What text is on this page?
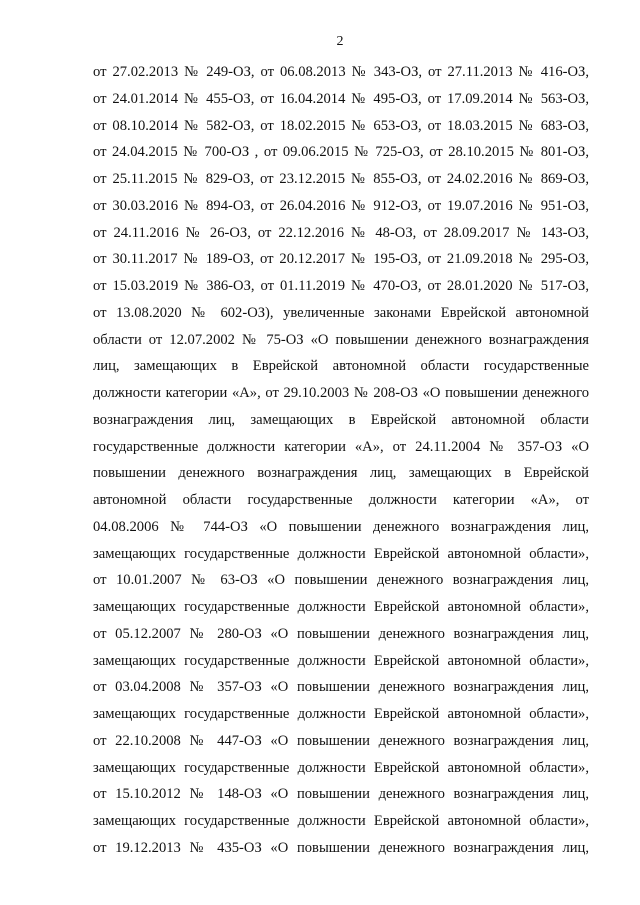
2
от 27.02.2013 № 249-ОЗ, от 06.08.2013 № 343-ОЗ, от 27.11.2013 № 416-ОЗ,
от 24.01.2014 № 455-ОЗ, от 16.04.2014 № 495-ОЗ, от 17.09.2014 № 563-ОЗ,
от 08.10.2014 № 582-ОЗ, от 18.02.2015 № 653-ОЗ, от 18.03.2015 № 683-ОЗ,
от 24.04.2015 № 700-ОЗ , от 09.06.2015 № 725-ОЗ, от 28.10.2015 № 801-ОЗ,
от 25.11.2015 № 829-ОЗ, от 23.12.2015 № 855-ОЗ, от 24.02.2016 № 869-ОЗ,
от 30.03.2016 № 894-ОЗ, от 26.04.2016 № 912-ОЗ, от 19.07.2016 № 951-ОЗ,
от 24.11.2016 № 26-ОЗ, от 22.12.2016 № 48-ОЗ, от 28.09.2017 № 143-ОЗ,
от 30.11.2017 № 189-ОЗ, от 20.12.2017 № 195-ОЗ, от 21.09.2018 № 295-ОЗ,
от 15.03.2019 № 386-ОЗ, от 01.11.2019 № 470-ОЗ, от 28.01.2020 № 517-ОЗ,
от 13.08.2020 № 602-ОЗ), увеличенные законами Еврейской автономной
области от 12.07.2002 № 75-ОЗ «О повышении денежного вознаграждения
лиц, замещающих в Еврейской автономной области государственные
должности категории «А», от 29.10.2003 № 208-ОЗ «О повышении денежного
вознаграждения лиц, замещающих в Еврейской автономной области
государственные должности категории «А», от 24.11.2004 № 357-ОЗ «О
повышении денежного вознаграждения лиц, замещающих в Еврейской
автономной области государственные должности категории «А», от
04.08.2006 № 744-ОЗ «О повышении денежного вознаграждения лиц,
замещающих государственные должности Еврейской автономной области»,
от 10.01.2007 № 63-ОЗ «О повышении денежного вознаграждения лиц,
замещающих государственные должности Еврейской автономной области»,
от 05.12.2007 № 280-ОЗ «О повышении денежного вознаграждения лиц,
замещающих государственные должности Еврейской автономной области»,
от 03.04.2008 № 357-ОЗ «О повышении денежного вознаграждения лиц,
замещающих государственные должности Еврейской автономной области»,
от 22.10.2008 № 447-ОЗ «О повышении денежного вознаграждения лиц,
замещающих государственные должности Еврейской автономной области»,
от 15.10.2012 № 148-ОЗ «О повышении денежного вознаграждения лиц,
замещающих государственные должности Еврейской автономной области»,
от 19.12.2013 № 435-ОЗ «О повышении денежного вознаграждения лиц,
